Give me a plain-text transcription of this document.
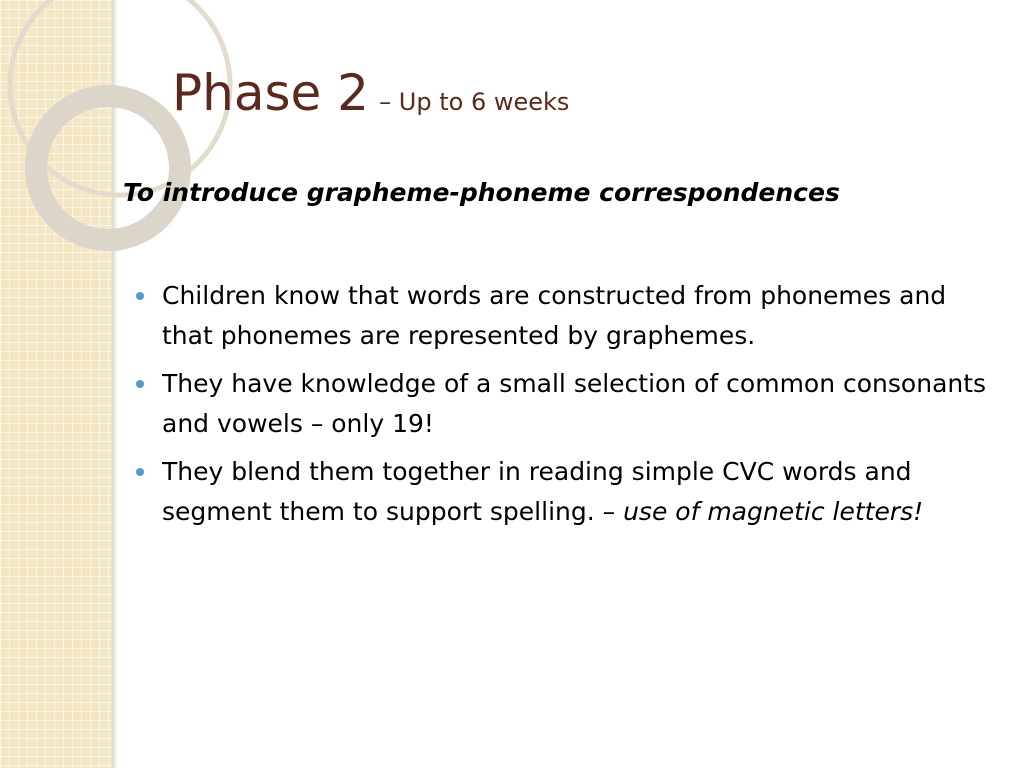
Phase 2 – Up to 6 weeks

To introduce grapheme-phoneme correspondences

Children know that words are constructed from phonemes and that phonemes are represented by graphemes.
They have knowledge of a small selection of common consonants and vowels – only 19!
They blend them together in reading simple CVC words and segment them to support spelling. – use of magnetic letters!
